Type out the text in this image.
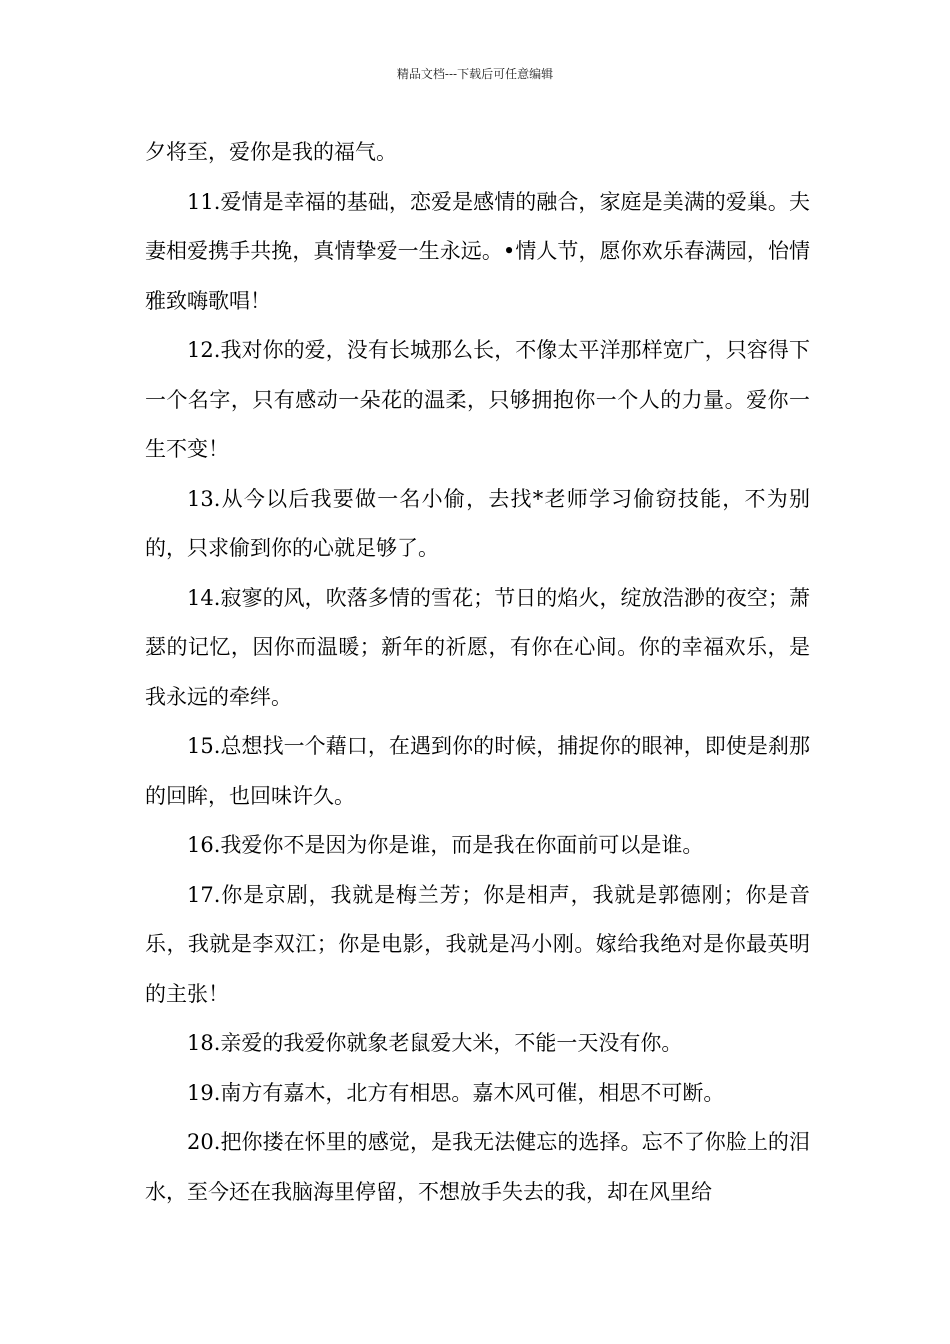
精品文档---下载后可任意编辑

夕将至，爱你是我的福气。

11.爱情是幸福的基础，恋爱是感情的融合，家庭是美满的爱巢。夫妻相爱携手共挽，真情挚爱一生永远。•情人节，愿你欢乐春满园，怡情雅致嗨歌唱！

12.我对你的爱，没有长城那么长，不像太平洋那样宽广，只容得下一个名字，只有感动一朵花的温柔，只够拥抱你一个人的力量。爱你一生不变！

13.从今以后我要做一名小偷，去找*老师学习偷窃技能，不为别的，只求偷到你的心就足够了。

14.寂寥的风，吹落多情的雪花；节日的焰火，绽放浩渺的夜空；萧瑟的记忆，因你而温暖；新年的祈愿，有你在心间。你的幸福欢乐，是我永远的牵绊。

15.总想找一个藉口，在遇到你的时候，捕捉你的眼神，即使是刹那的回眸，也回味许久。

16.我爱你不是因为你是谁，而是我在你面前可以是谁。

17.你是京剧，我就是梅兰芳；你是相声，我就是郭德刚；你是音乐，我就是李双江；你是电影，我就是冯小刚。嫁给我绝对是你最英明的主张！

18.亲爱的我爱你就象老鼠爱大米，不能一天没有你。

19.南方有嘉木，北方有相思。嘉木风可催，相思不可断。

20.把你搂在怀里的感觉，是我无法健忘的选择。忘不了你脸上的泪水，至今还在我脑海里停留，不想放手失去的我，却在风里给
